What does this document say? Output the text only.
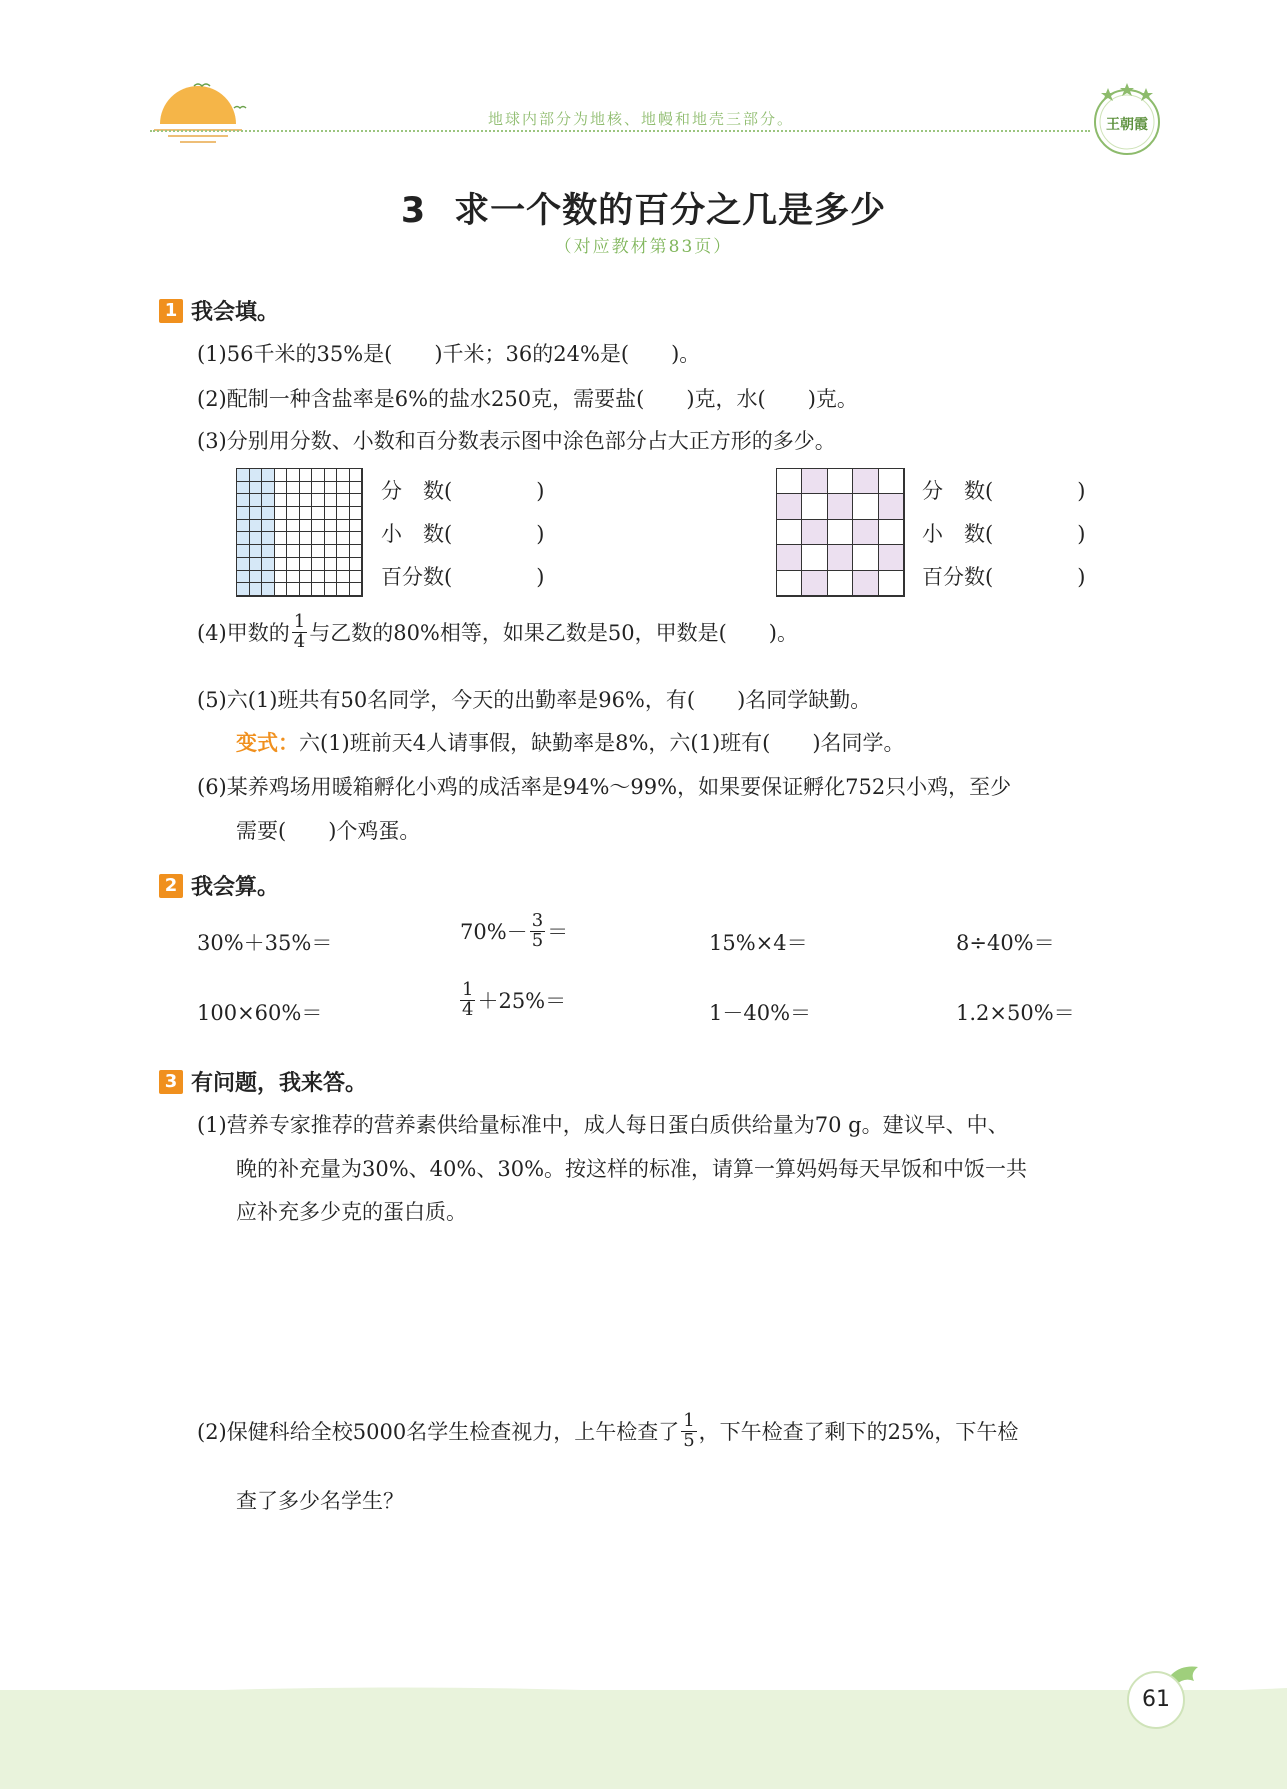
地球内部分为地核、地幔和地壳三部分。	王朝霞
3 求一个数的百分之几是多少
（对应教材第83页）
1 我会填。
(1)56千米的35%是(　　)千米；36的24%是(　　)。
(2)配制一种含盐率是6%的盐水250克，需要盐(　　)克，水(　　)克。
(3)分别用分数、小数和百分数表示图中涂色部分占大正方形的多少。
分　数(　　　　)
小　数(　　　　)
百分数(　　　　)
分　数(　　　　)
小　数(　　　　)
百分数(　　　　)
(4)甲数的 $\frac{1}{4}$ 与乙数的80%相等，如果乙数是50，甲数是(　　)。
(5)六(1)班共有50名同学，今天的出勤率是96%，有(　　)名同学缺勤。
变式：六(1)班前天4人请事假，缺勤率是8%，六(1)班有(　　)名同学。
(6)某养鸡场用暖箱孵化小鸡的成活率是94%～99%，如果要保证孵化752只小鸡，至少
需要(　　)个鸡蛋。
2 我会算。
30%＋35%＝	$70\%- \frac{3}{5}$ ＝	15%×4＝	8÷40%＝
100×60%＝	$\frac{1}{4} +25\%=$	1－40%＝	1.2×50%＝
3 有问题，我来答。
(1)营养专家推荐的营养素供给量标准中，成人每日蛋白质供给量为70 g。建议早、中、
晚的补充量为30%、40%、30%。按这样的标准，请算一算妈妈每天早饭和中饭一共
应补充多少克的蛋白质。
(2)保健科给全校5000名学生检查视力，上午检查了 $\frac{1}{5}$ ，下午检查了剩下的25%，下午检
查了多少名学生？
61
